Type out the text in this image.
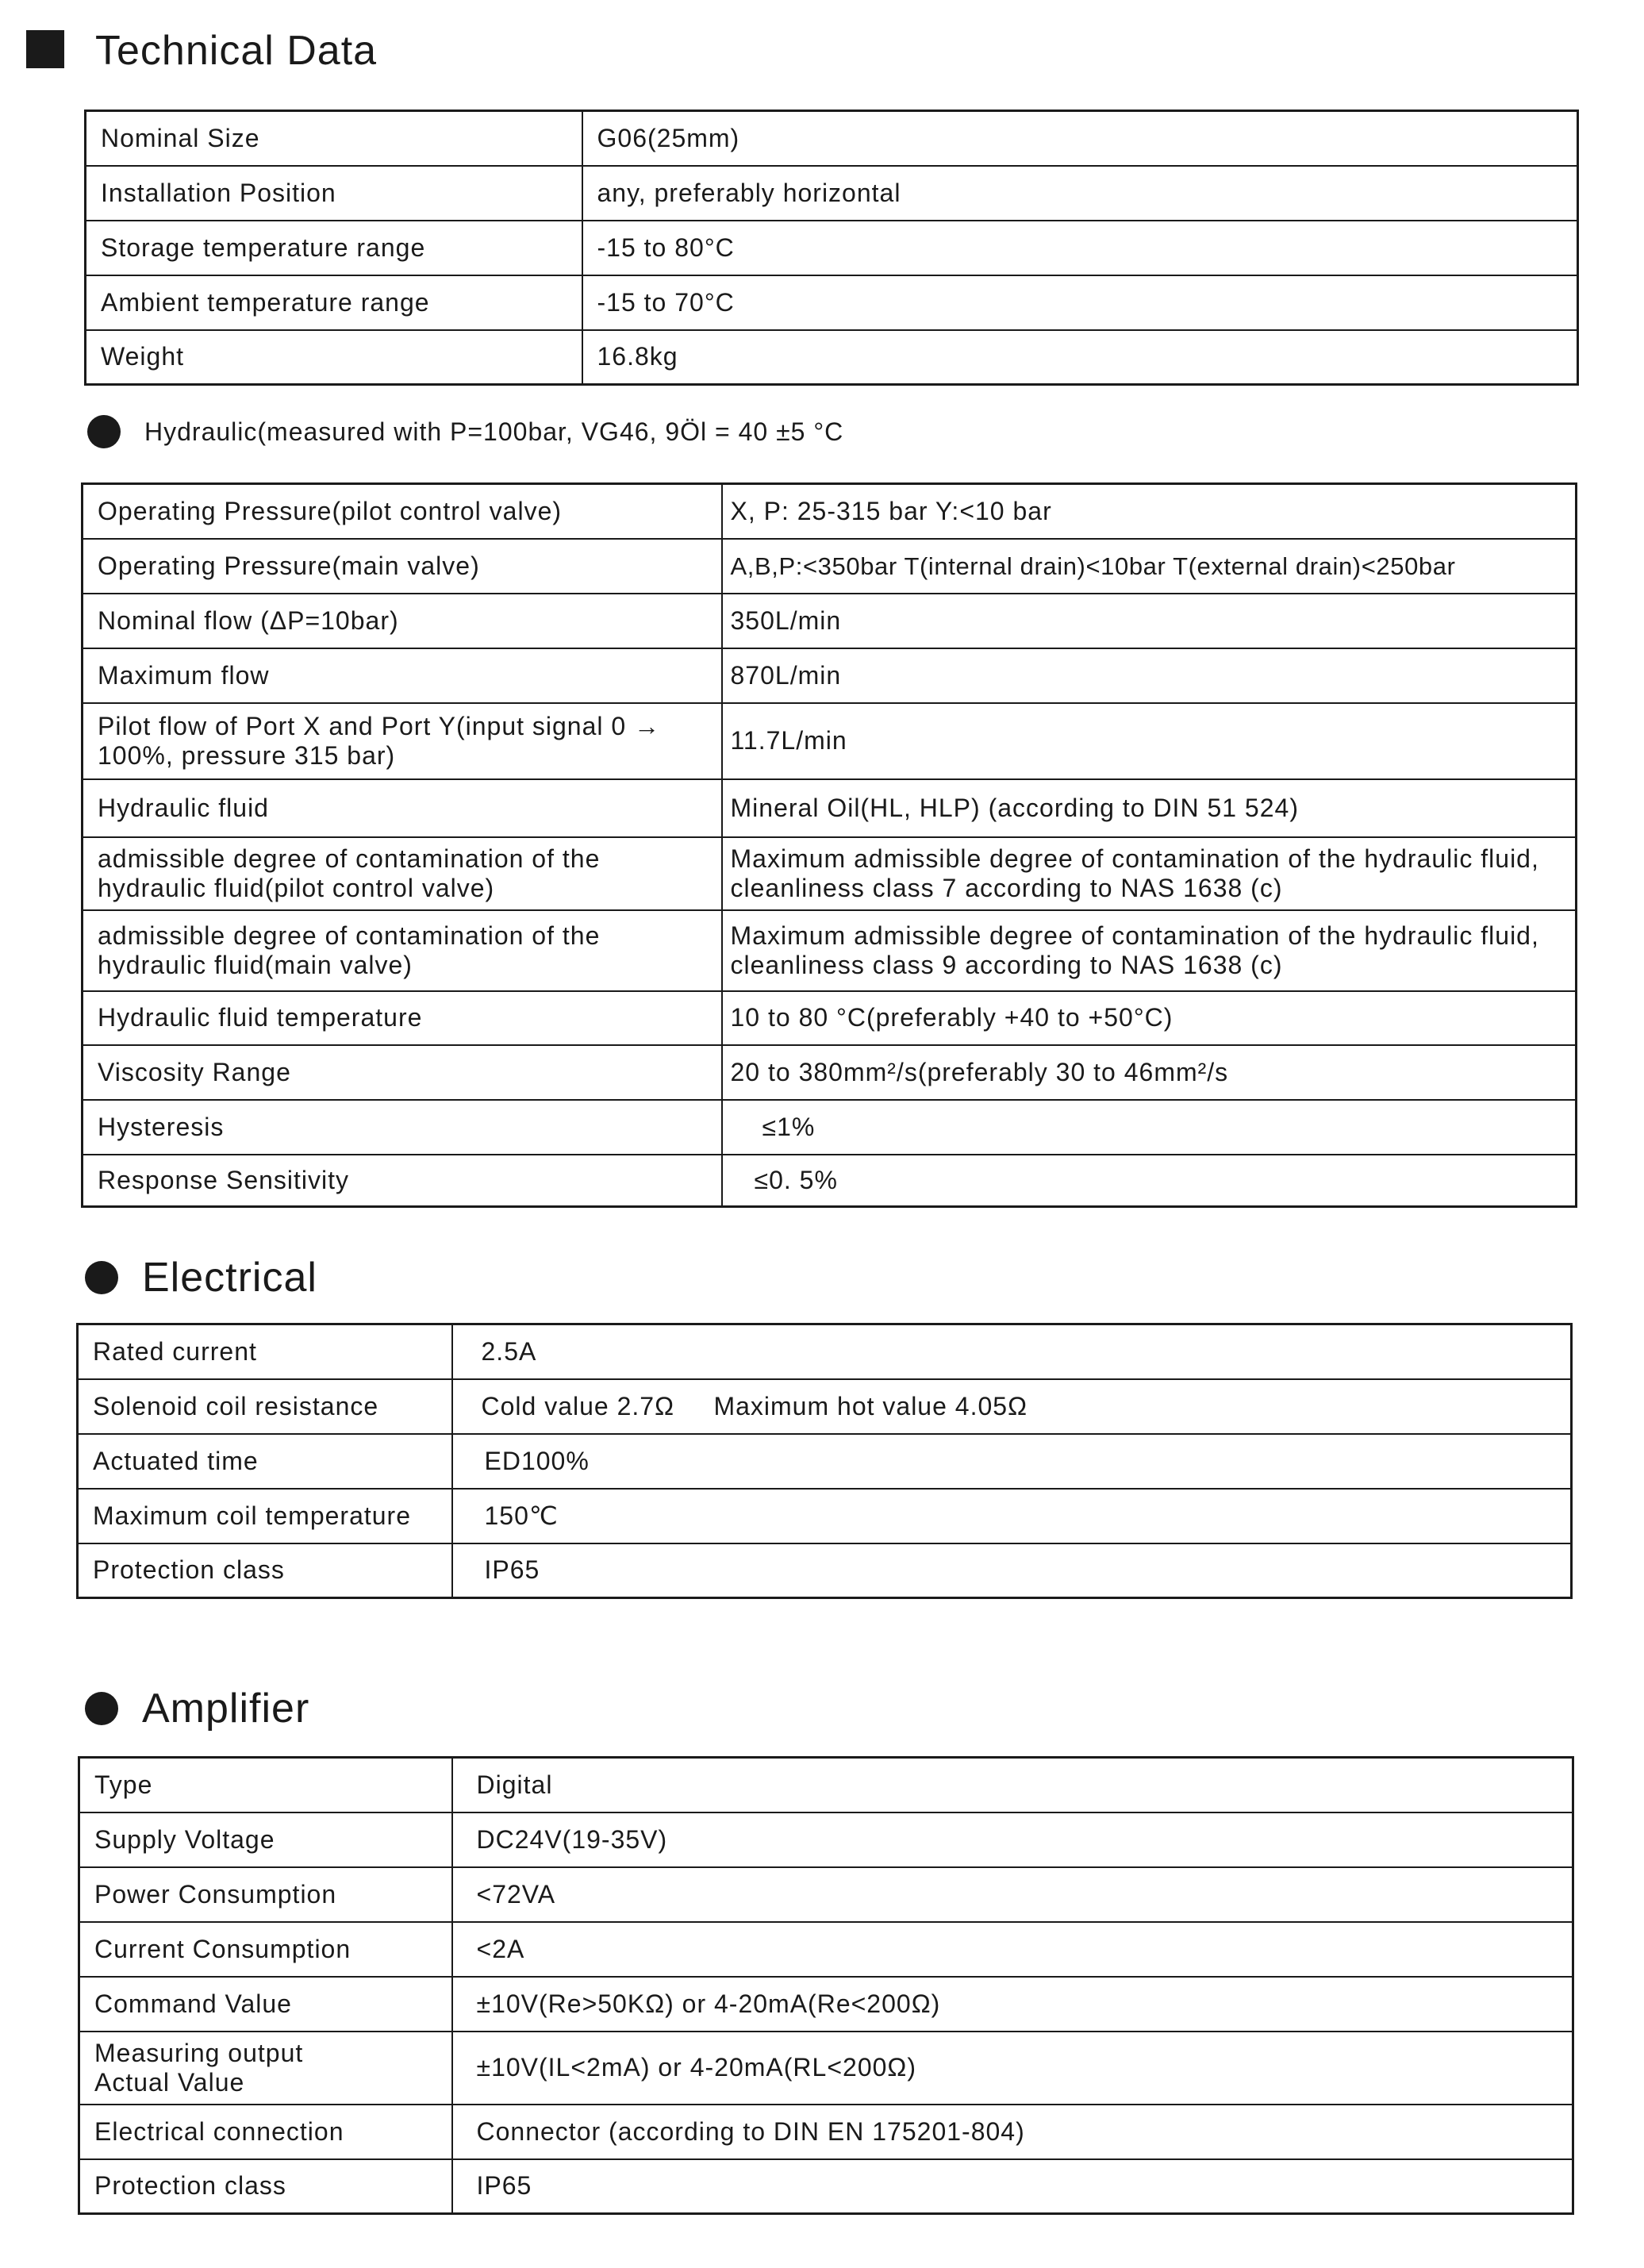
Technical Data
Nominal Size	G06(25mm)
Installation Position	any, preferably horizontal
Storage temperature range	-15 to 80°C
Ambient temperature range	-15 to 70°C
Weight	16.8kg
Hydraulic(measured with P=100bar, VG46, 9Öl = 40 ±5 °C
Operating Pressure(pilot control valve)	X, P: 25-315 bar Y:<10 bar
Operating Pressure(main valve)	A,B,P:<350bar T(internal drain)<10bar T(external drain)<250bar
Nominal flow (ΔP=10bar)	350L/min
Maximum flow	870L/min
Pilot flow of Port X and Port Y(input signal 0 → 100%, pressure 315 bar)	11.7L/min
Hydraulic fluid	Mineral Oil(HL, HLP) (according to DIN 51 524)
admissible degree of contamination of the hydraulic fluid(pilot control valve)	Maximum admissible degree of contamination of the hydraulic fluid, cleanliness class 7 according to NAS 1638 (c)
admissible degree of contamination of the hydraulic fluid(main valve)	Maximum admissible degree of contamination of the hydraulic fluid, cleanliness class 9 according to NAS 1638 (c)
Hydraulic fluid temperature	10 to 80 °C(preferably +40 to +50°C)
Viscosity Range	20 to 380mm²/s(preferably 30 to 46mm²/s
Hysteresis	≤1%
Response Sensitivity	≤0. 5%
Electrical
Rated current	2.5A
Solenoid coil resistance	Cold value 2.7Ω     Maximum hot value 4.05Ω
Actuated time	ED100%
Maximum coil temperature	150℃
Protection class	IP65
Amplifier
Type	Digital
Supply Voltage	DC24V(19-35V)
Power Consumption	<72VA
Current Consumption	<2A
Command Value	±10V(Re>50KΩ) or 4-20mA(Re<200Ω)
Measuring output Actual Value	±10V(IL<2mA) or 4-20mA(RL<200Ω)
Electrical connection	Connector (according to DIN EN 175201-804)
Protection class	IP65
